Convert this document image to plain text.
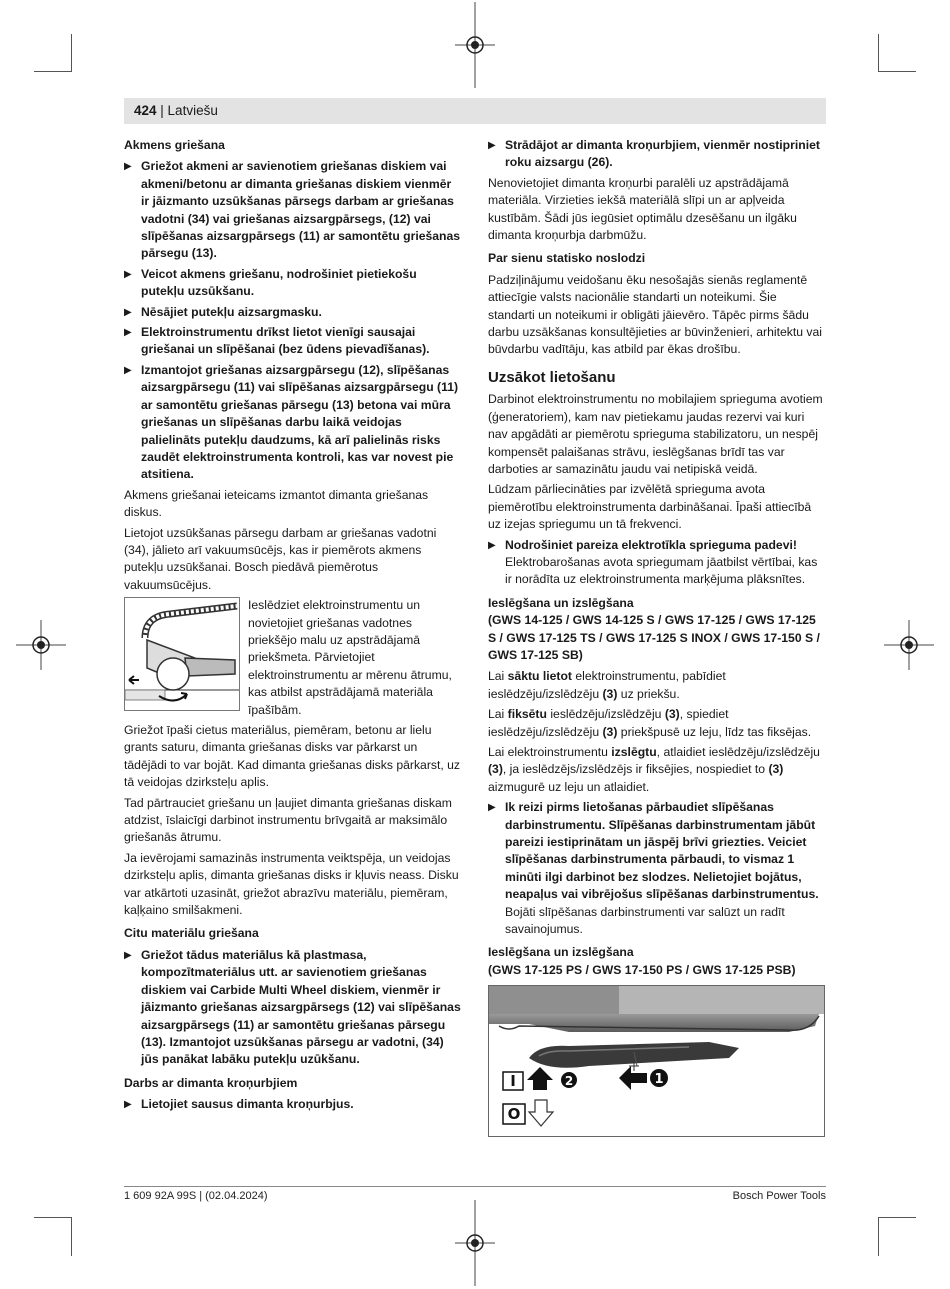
424 | Latviešu

Akmens griešana

▶ Griežot akmeni ar savienotiem griešanas diskiem vai akmeni/betonu ar dimanta griešanas diskiem vienmēr ir jāizmanto uzsūkšanas pārsegs darbam ar griešanas vadotni (34) vai griešanas aizsargpārsegs, (12) vai slīpēšanas aizsargpārsegs (11) ar samontētu griešanas pārsegu (13).
▶ Veicot akmens griešanu, nodrošiniet pietiekošu putekļu uzsūkšanu.
▶ Nēsājiet putekļu aizsargmasku.
▶ Elektroinstrumentu drīkst lietot vienīgi sausajai griešanai un slīpēšanai (bez ūdens pievadīšanas).
▶ Izmantojot griešanas aizsargpārsegu (12), slīpēšanas aizsargpārsegu (11) vai slīpēšanas aizsargpārsegu (11) ar samontētu griešanas pārsegu (13) betona vai mūra griešanas un slīpēšanas darbu laikā veidojas palielināts putekļu daudzums, kā arī palielinās risks zaudēt elektroinstrumenta kontroli, kas var novest pie atsitiena.

Akmens griešanai ieteicams izmantot dimanta griešanas diskus.

Lietojot uzsūkšanas pārsegu darbam ar griešanas vadotni (34), jālieto arī vakuumsūcējs, kas ir piemērots akmens putekļu uzsūkšanai. Bosch piedāvā piemērotus vakuumsūcējus.

Ieslēdziet elektroinstrumentu un novietojiet griešanas vadotnes priekšējo malu uz apstrādājamā priekšmeta. Pārvietojiet elektroinstrumentu ar mērenu ātrumu, kas atbilst apstrādājamā materiāla īpašībām.

Griežot īpaši cietus materiālus, piemēram, betonu ar lielu grants saturu, dimanta griešanas disks var pārkarst un tādējādi to var bojāt. Kad dimanta griešanas disks pārkarst, uz tā veidojas dzirksteļu aplis.

Tad pārtrauciet griešanu un ļaujiet dimanta griešanas diskam atdzist, īslaicīgi darbinot instrumentu brīvgaitā ar maksimālo griešanās ātrumu.

Ja ievērojami samazinās instrumenta veiktspēja, un veidojas dzirksteļu aplis, dimanta griešanas disks ir kļuvis neass. Disku var atkārtoti uzasināt, griežot abrazīvu materiālu, piemēram, kaļķaino smilšakmeni.

Citu materiālu griešana

▶ Griežot tādus materiālus kā plastmasa, kompozītmateriālus utt. ar savienotiem griešanas diskiem vai Carbide Multi Wheel diskiem, vienmēr ir jāizmanto griešanas aizsargpārsegs (12) vai slīpēšanas aizsargpārsegs (11) ar samontētu griešanas pārsegu (13). Izmantojot uzsūkšanas pārsegu ar vadotni, (34) jūs panākat labāku putekļu uzūkšanu.

Darbs ar dimanta kroņurbjiem

▶ Lietojiet sausus dimanta kroņurbjus.
▶ Strādājot ar dimanta kroņurbjiem, vienmēr nostipriniet roku aizsargu (26).

Nenovietojiet dimanta kroņurbi paralēli uz apstrādājamā materiāla. Virzieties iekšā materiālā slīpi un ar apļveida kustībām. Šādi jūs iegūsiet optimālu dzesēšanu un ilgāku dimanta kroņurbja darbmūžu.

Par sienu statisko noslodzi

Padziļinājumu veidošanu ēku nesošajās sienās reglamentē attiecīgie valsts nacionālie standarti un noteikumi. Šie standarti un noteikumi ir obligāti jāievēro. Tāpēc pirms šādu darbu uzsākšanas konsultējieties ar būvinženieri, arhitektu vai būvdarbu vadītāju, kas atbild par ēkas drošību.

Uzsākot lietošanu

Darbinot elektroinstrumentu no mobilajiem sprieguma avotiem (ģeneratoriem), kam nav pietiekamu jaudas rezervi vai kuri nav apgādāti ar piemērotu sprieguma stabilizatoru, un nespēj kompensēt palaišanas strāvu, ieslēgšanas brīdī tas var darboties ar samazinātu jaudu vai netipiskā veidā.

Lūdzam pārliecināties par izvēlētā sprieguma avota piemērotību elektroinstrumenta darbināšanai. Īpaši attiecībā uz izejas spriegumu un tā frekvenci.

▶ Nodrošiniet pareiza elektrotīkla sprieguma padevi!
Elektrobarošanas avota spriegumam jāatbilst vērtībai, kas ir norādīta uz elektroinstrumenta marķējuma plāksnītes.

Ieslēgšana un izslēgšana

(GWS 14-125 / GWS 14-125 S / GWS 17-125 / GWS 17-125 S / GWS 17-125 TS / GWS 17-125 S INOX / GWS 17-150 S / GWS 17-125 SB)

Lai sāktu lietot elektroinstrumentu, pabīdiet ieslēdzēju/izslēdzēju (3) uz priekšu.

Lai fiksētu ieslēdzēju/izslēdzēju (3), spiediet ieslēdzēju/izslēdzēju (3) priekšpusē uz leju, līdz tas fiksējas.

Lai elektroinstrumentu izslēgtu, atlaidiet ieslēdzēju/izslēdzēju (3), ja ieslēdzējs/izslēdzējs ir fiksējies, nospiediet to (3) aizmugurē uz leju un atlaidiet.

▶ Ik reizi pirms lietošanas pārbaudiet slīpēšanas darbinstrumentu. Slīpēšanas darbinstrumentam jābūt pareizi iestiprinātam un jāspēj brīvi griezties. Veiciet slīpēšanas darbinstrumenta pārbaudi, to vismaz 1 minūti ilgi darbinot bez slodzes. Nelietojiet bojātus, neapaļus vai vibrējošus slīpēšanas darbinstrumentus. Bojāti slīpēšanas darbinstrumenti var salūzt un radīt savainojumus.

Ieslēgšana un izslēgšana

(GWS 17-125 PS / GWS 17-150 PS / GWS 17-125 PSB)

I	2	1
O
1 609 92A 99S | (02.04.2024)	Bosch Power Tools
